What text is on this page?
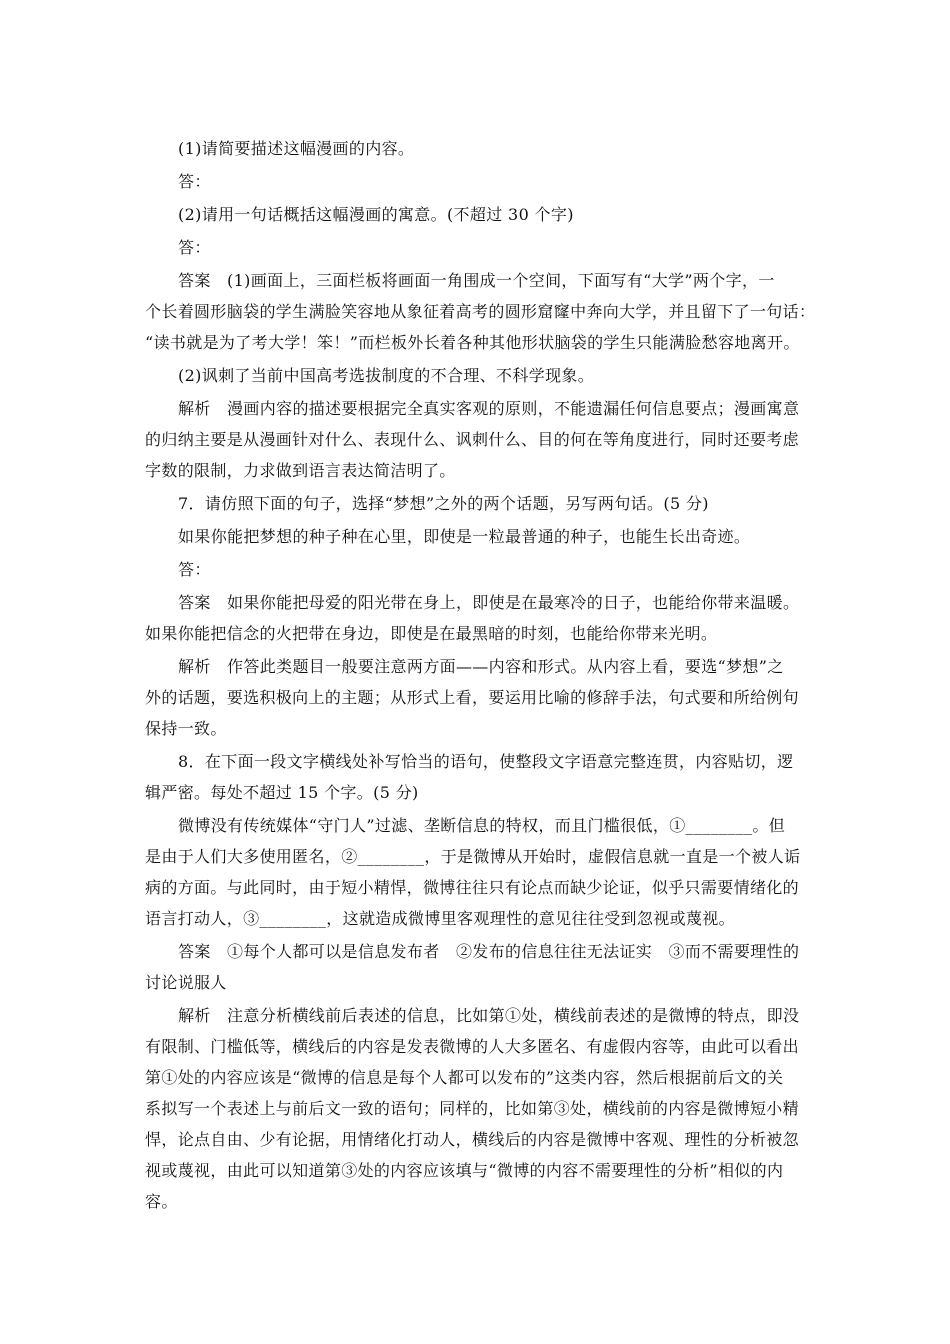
(1)请简要描述这幅漫画的内容。
答：
(2)请用一句话概括这幅漫画的寓意。(不超过 30 个字)
答：
答案　(1)画面上，三面栏板将画面一角围成一个空间，下面写有“大学”两个字，一
个长着圆形脑袋的学生满脸笑容地从象征着高考的圆形窟窿中奔向大学，并且留下了一句话：
“读书就是为了考大学！笨！”而栏板外长着各种其他形状脑袋的学生只能满脸愁容地离开。
(2)讽刺了当前中国高考选拔制度的不合理、不科学现象。
解析　漫画内容的描述要根据完全真实客观的原则，不能遗漏任何信息要点；漫画寓意
的归纳主要是从漫画针对什么、表现什么、讽刺什么、目的何在等角度进行，同时还要考虑
字数的限制，力求做到语言表达简洁明了。
7．请仿照下面的句子，选择“梦想”之外的两个话题，另写两句话。(5 分)
如果你能把梦想的种子种在心里，即使是一粒最普通的种子，也能生长出奇迹。
答：
答案　如果你能把母爱的阳光带在身上，即使是在最寒冷的日子，也能给你带来温暖。
如果你能把信念的火把带在身边，即使是在最黑暗的时刻，也能给你带来光明。
解析　作答此类题目一般要注意两方面——内容和形式。从内容上看，要选“梦想”之
外的话题，要选积极向上的主题；从形式上看，要运用比喻的修辞手法，句式要和所给例句
保持一致。
8．在下面一段文字横线处补写恰当的语句，使整段文字语意完整连贯，内容贴切，逻
辑严密。每处不超过 15 个字。(5 分)
微博没有传统媒体“守门人”过滤、垄断信息的特权，而且门槛很低，①________。但
是由于人们大多使用匿名，②________，于是微博从开始时，虚假信息就一直是一个被人诟
病的方面。与此同时，由于短小精悍，微博往往只有论点而缺少论证，似乎只需要情绪化的
语言打动人，③________，这就造成微博里客观理性的意见往往受到忽视或蔑视。
答案　①每个人都可以是信息发布者　②发布的信息往往无法证实　③而不需要理性的
讨论说服人
解析　注意分析横线前后表述的信息，比如第①处，横线前表述的是微博的特点，即没
有限制、门槛低等，横线后的内容是发表微博的人大多匿名、有虚假内容等，由此可以看出
第①处的内容应该是“微博的信息是每个人都可以发布的”这类内容，然后根据前后文的关
系拟写一个表述上与前后文一致的语句；同样的，比如第③处，横线前的内容是微博短小精
悍，论点自由、少有论据，用情绪化打动人，横线后的内容是微博中客观、理性的分析被忽
视或蔑视，由此可以知道第③处的内容应该填与“微博的内容不需要理性的分析”相似的内
容。
